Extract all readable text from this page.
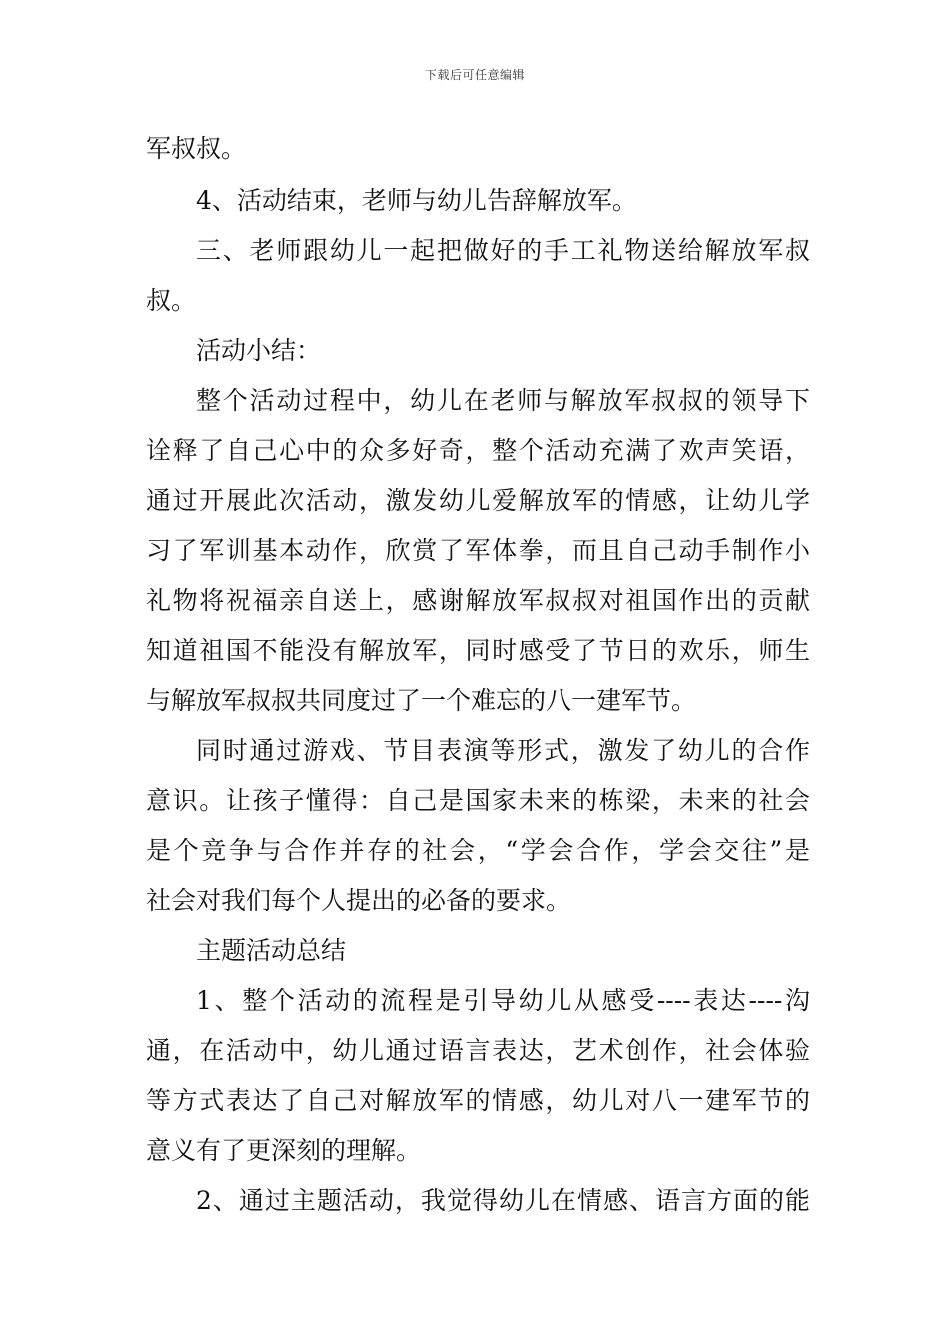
下载后可任意编辑
军叔叔。
4、活动结束，老师与幼儿告辞解放军。
三、老师跟幼儿一起把做好的手工礼物送给解放军叔
叔。
活动小结：
整个活动过程中，幼儿在老师与解放军叔叔的领导下
诠释了自己心中的众多好奇，整个活动充满了欢声笑语，
通过开展此次活动，激发幼儿爱解放军的情感，让幼儿学
习了军训基本动作，欣赏了军体拳，而且自己动手制作小
礼物将祝福亲自送上，感谢解放军叔叔对祖国作出的贡献
知道祖国不能没有解放军，同时感受了节日的欢乐，师生
与解放军叔叔共同度过了一个难忘的八一建军节。
同时通过游戏、节目表演等形式，激发了幼儿的合作
意识。让孩子懂得：自己是国家未来的栋梁，未来的社会
是个竞争与合作并存的社会，“学会合作，学会交往”是
社会对我们每个人提出的必备的要求。
主题活动总结
1、整个活动的流程是引导幼儿从感受----表达----沟
通，在活动中，幼儿通过语言表达，艺术创作，社会体验
等方式表达了自己对解放军的情感，幼儿对八一建军节的
意义有了更深刻的理解。
2、通过主题活动，我觉得幼儿在情感、语言方面的能
